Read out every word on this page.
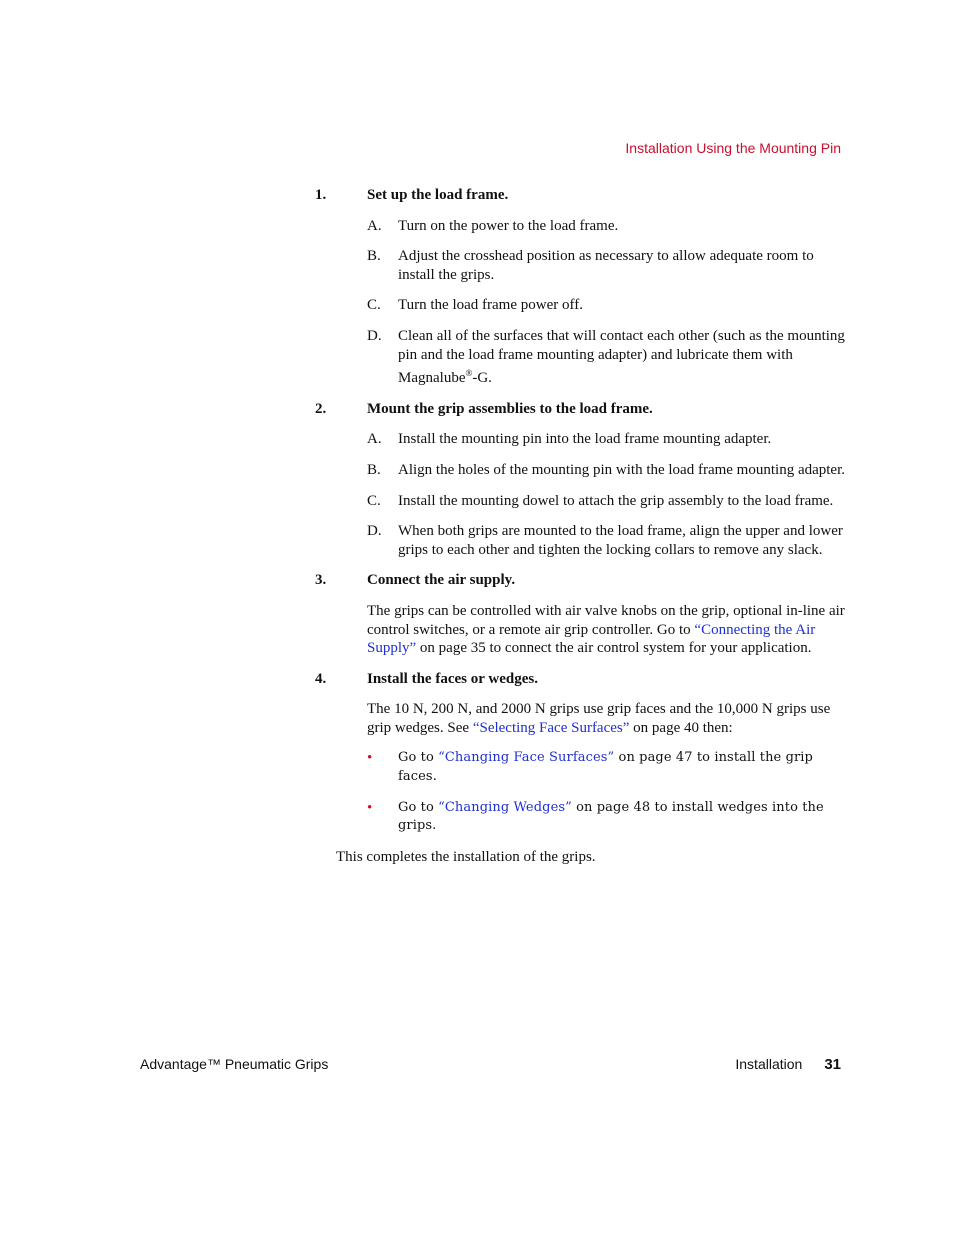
Installation Using the Mounting Pin
1.	Set up the load frame.
A. Turn on the power to the load frame.
B. Adjust the crosshead position as necessary to allow adequate room to install the grips.
C. Turn the load frame power off.
D. Clean all of the surfaces that will contact each other (such as the mounting pin and the load frame mounting adapter) and lubricate them with Magnalube®-G.
2.	Mount the grip assemblies to the load frame.
A. Install the mounting pin into the load frame mounting adapter.
B. Align the holes of the mounting pin with the load frame mounting adapter.
C. Install the mounting dowel to attach the grip assembly to the load frame.
D. When both grips are mounted to the load frame, align the upper and lower grips to each other and tighten the locking collars to remove any slack.
3.	Connect the air supply.
The grips can be controlled with air valve knobs on the grip, optional in-line air control switches, or a remote air grip controller. Go to “Connecting the Air Supply” on page 35 to connect the air control system for your application.
4.	Install the faces or wedges.
The 10 N, 200 N, and 2000 N grips use grip faces and the 10,000 N grips use grip wedges. See “Selecting Face Surfaces” on page 40 then:
• Go to “Changing Face Surfaces” on page 47 to install the grip faces.
• Go to “Changing Wedges” on page 48 to install wedges into the grips.
This completes the installation of the grips.
Advantage™ Pneumatic Grips	Installation 31
